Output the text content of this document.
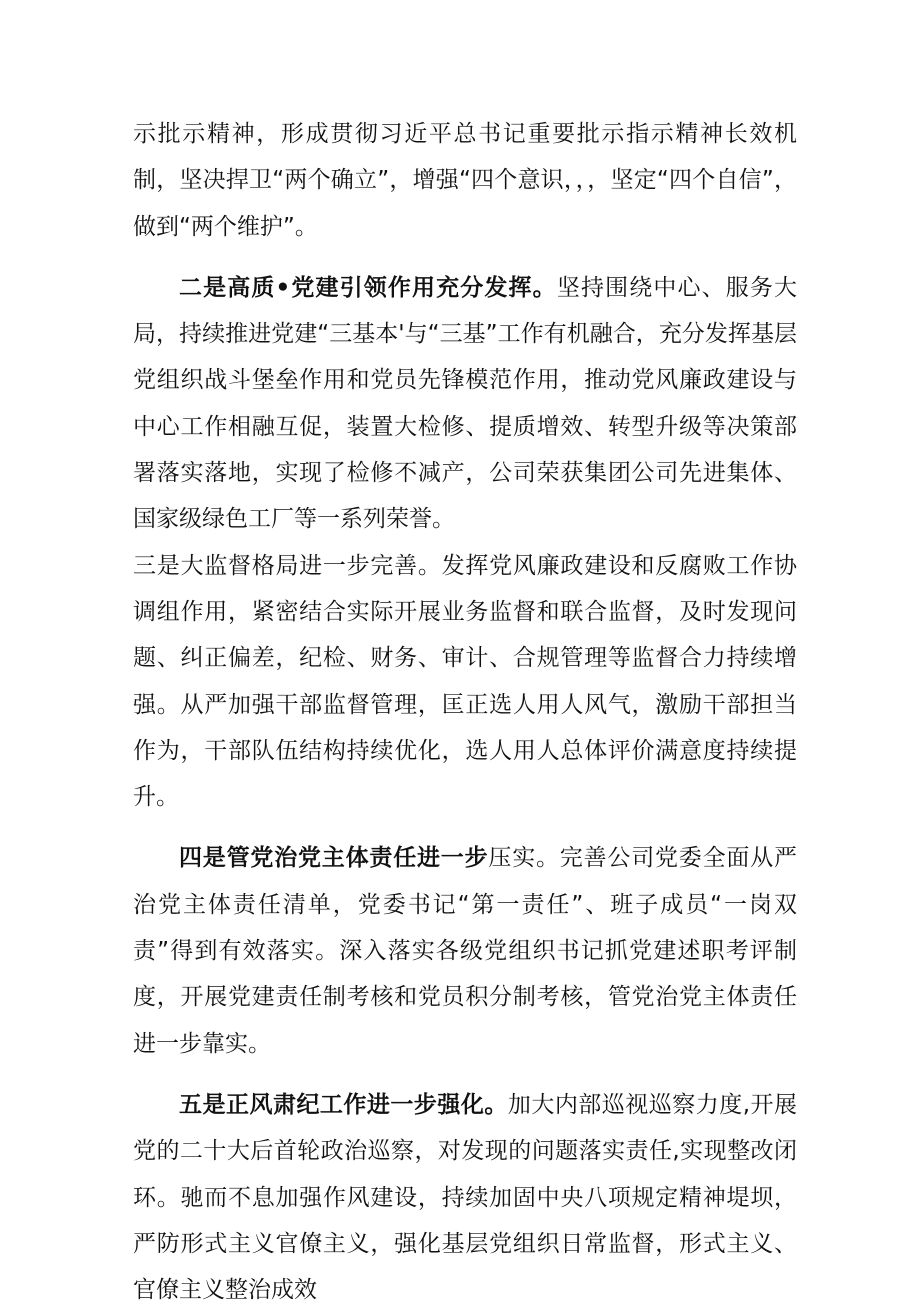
示批示精神，形成贯彻习近平总书记重要批示指示精神长效机制，坚决捍卫“两个确立”，增强“四个意识，，，坚定“四个自信”，做到“两个维护”。

二是高质•党建引领作用充分发挥。坚持围绕中心、服务大局，持续推进党建“三基本'与“三基”工作有机融合，充分发挥基层党组织战斗堡垒作用和党员先锋模范作用，推动党风廉政建设与中心工作相融互促，装置大检修、提质增效、转型升级等决策部署落实落地，实现了检修不减产，公司荣获集团公司先进集体、国家级绿色工厂等一系列荣誉。

三是大监督格局进一步完善。发挥党风廉政建设和反腐败工作协调组作用，紧密结合实际开展业务监督和联合监督，及时发现问题、纠正偏差，纪检、财务、审计、合规管理等监督合力持续增强。从严加强干部监督管理，匡正选人用人风气，激励干部担当作为，干部队伍结构持续优化，选人用人总体评价满意度持续提升。

四是管党治党主体责任进一步压实。完善公司党委全面从严治党主体责任清单，党委书记“第一责任”、班子成员“一岗双责”得到有效落实。深入落实各级党组织书记抓党建述职考评制度，开展党建责任制考核和党员积分制考核，管党治党主体责任进一步靠实。

五是正风肃纪工作进一步强化。加大内部巡视巡察力度,开展党的二十大后首轮政治巡察，对发现的问题落实责任,实现整改闭环。驰而不息加强作风建设，持续加固中央八项规定精神堤坝，严防形式主义官僚主义，强化基层党组织日常监督，形式主义、官僚主义整治成效
